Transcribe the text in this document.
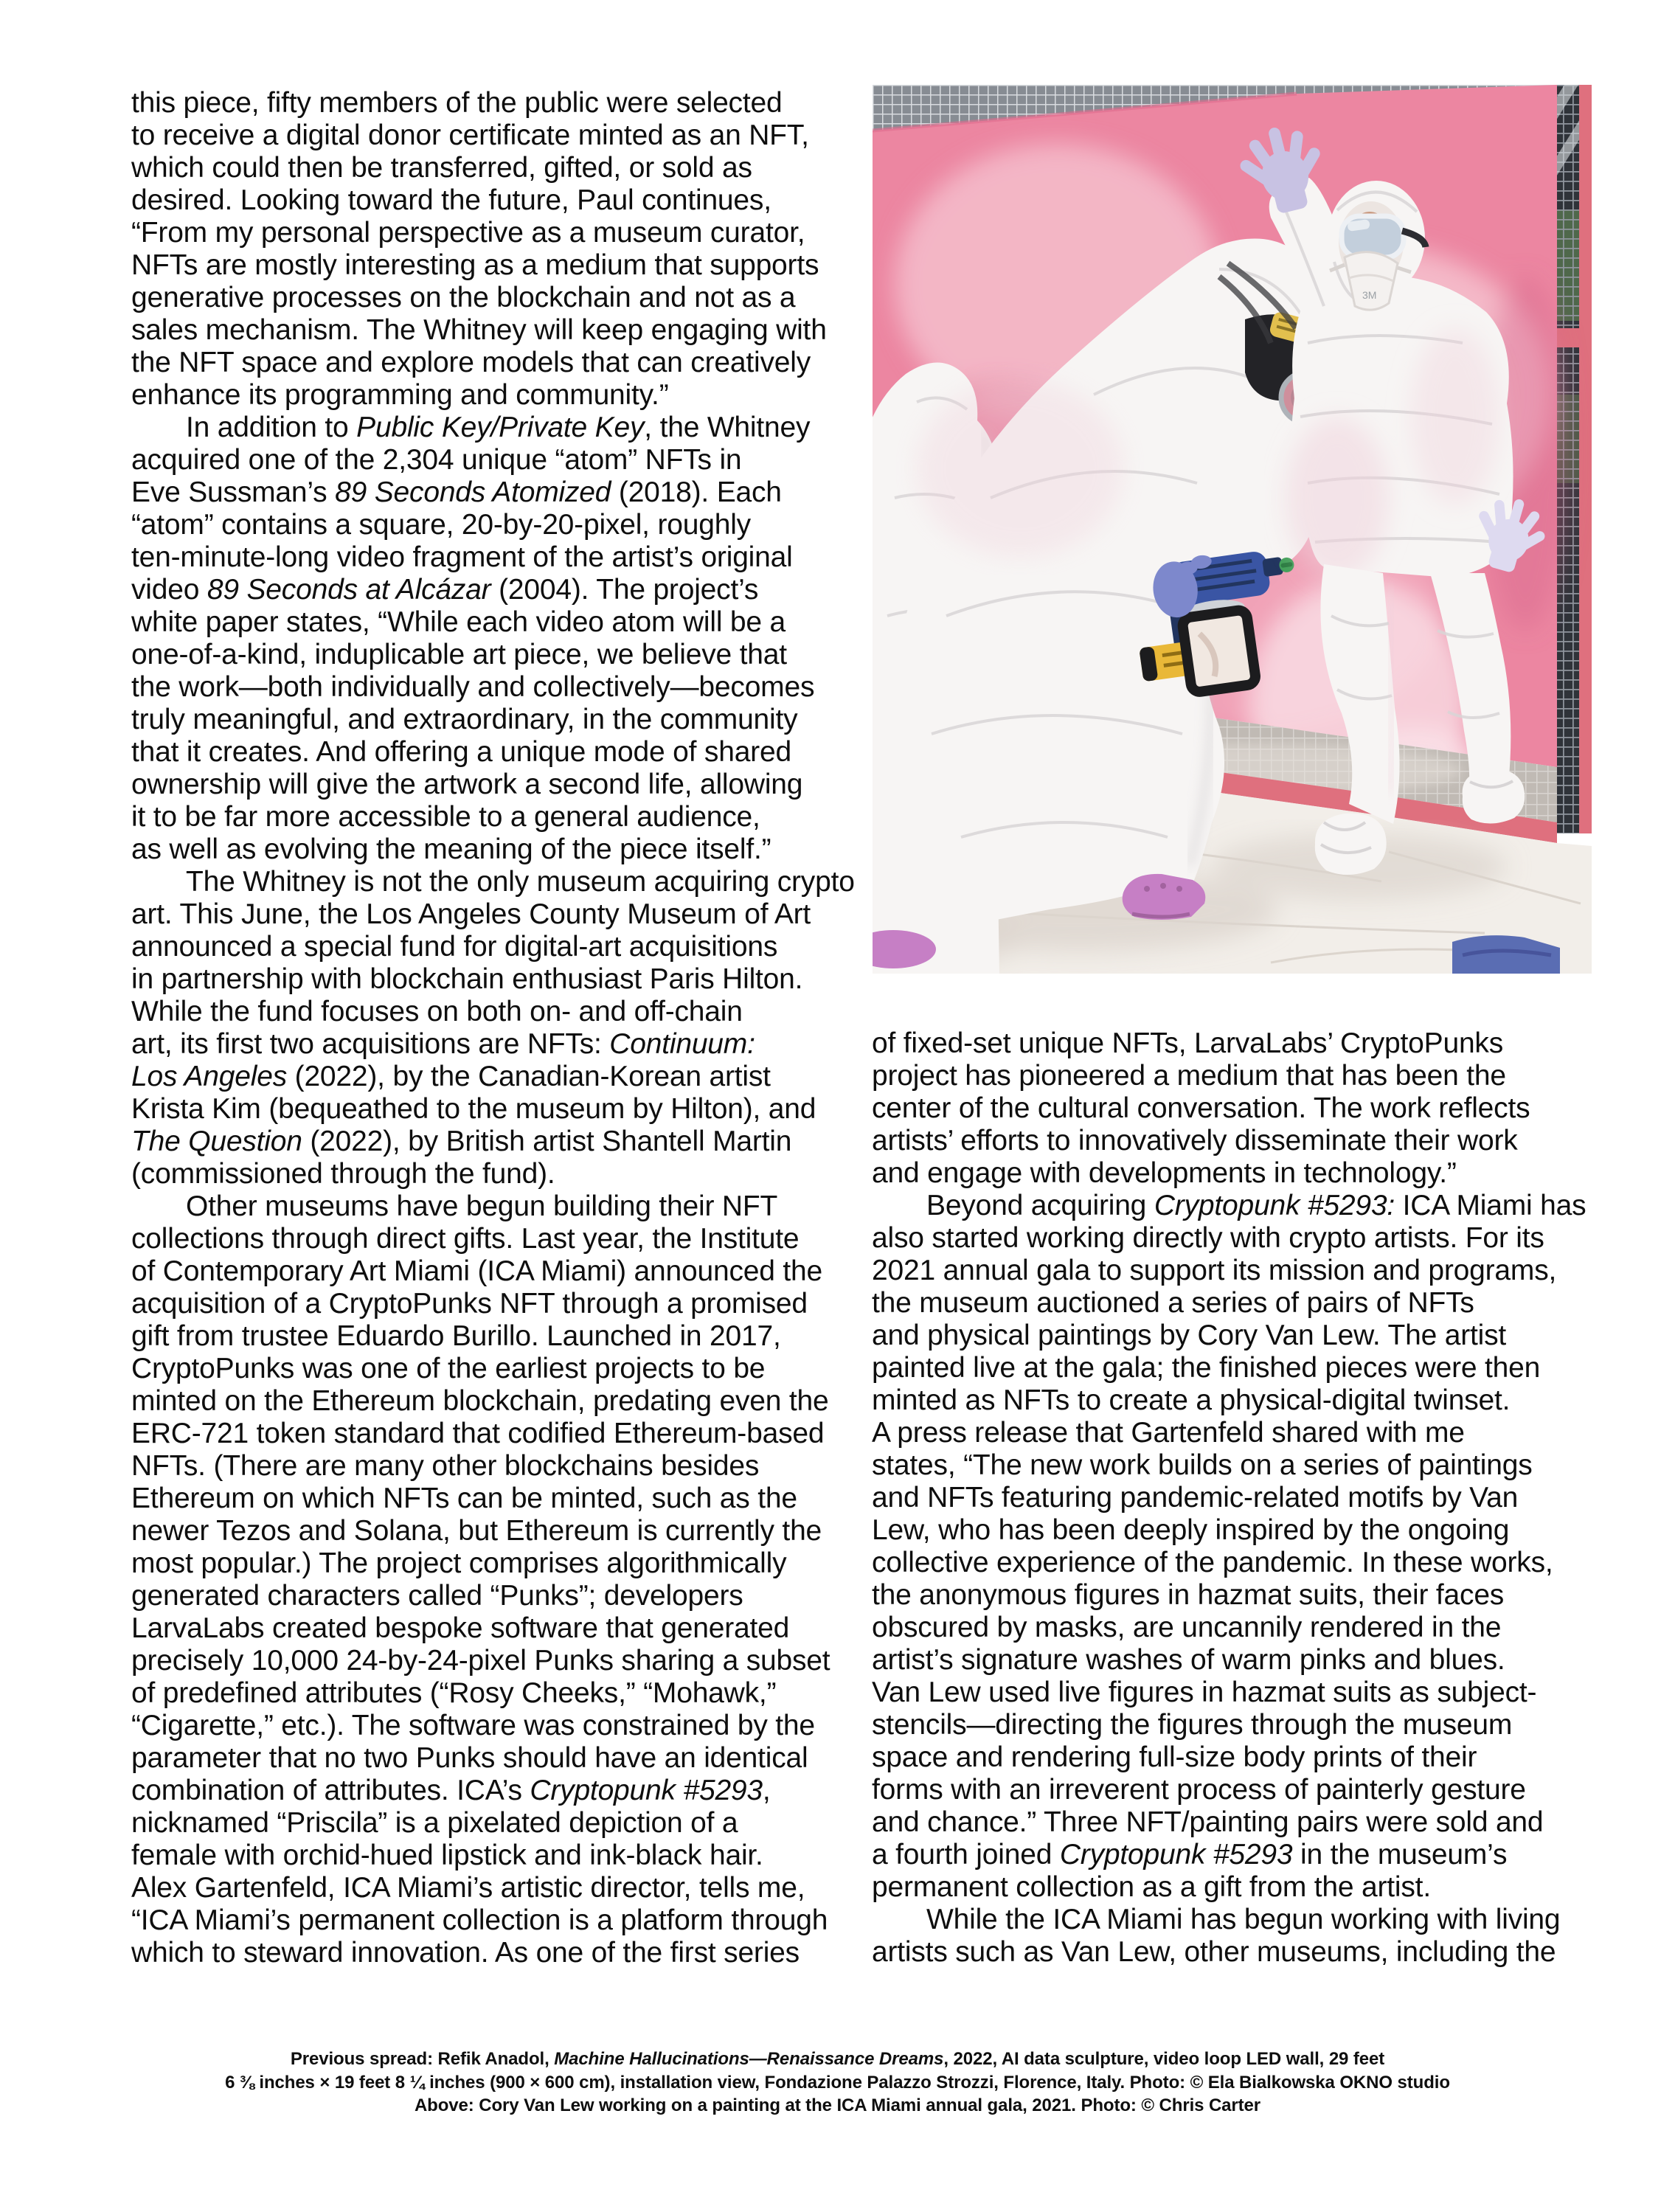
this piece, fifty members of the public were selected
to receive a digital donor certificate minted as an NFT,
which could then be transferred, gifted, or sold as
desired. Looking toward the future, Paul continues,
“From my personal perspective as a museum curator,
NFTs are mostly interesting as a medium that supports
generative processes on the blockchain and not as a
sales mechanism. The Whitney will keep engaging with
the NFT space and explore models that can creatively
enhance its programming and community.”
In addition to Public Key/Private Key, the Whitney
acquired one of the 2,304 unique “atom” NFTs in
Eve Sussman’s 89 Seconds Atomized (2018). Each
“atom” contains a square, 20-by-20-pixel, roughly
ten-minute-long video fragment of the artist’s original
video 89 Seconds at Alcázar (2004). The project’s
white paper states, “While each video atom will be a
one-of-a-kind, induplicable art piece, we believe that
the work—both individually and collectively—becomes
truly meaningful, and extraordinary, in the community
that it creates. And offering a unique mode of shared
ownership will give the artwork a second life, allowing
it to be far more accessible to a general audience,
as well as evolving the meaning of the piece itself.”
The Whitney is not the only museum acquiring crypto
art. This June, the Los Angeles County Museum of Art
announced a special fund for digital-art acquisitions
in partnership with blockchain enthusiast Paris Hilton.
While the fund focuses on both on- and off-chain
art, its first two acquisitions are NFTs: Continuum:
Los Angeles (2022), by the Canadian-Korean artist
Krista Kim (bequeathed to the museum by Hilton), and
The Question (2022), by British artist Shantell Martin
(commissioned through the fund).
Other museums have begun building their NFT
collections through direct gifts. Last year, the Institute
of Contemporary Art Miami (ICA Miami) announced the
acquisition of a CryptoPunks NFT through a promised
gift from trustee Eduardo Burillo. Launched in 2017,
CryptoPunks was one of the earliest projects to be
minted on the Ethereum blockchain, predating even the
ERC-721 token standard that codified Ethereum-based
NFTs. (There are many other blockchains besides
Ethereum on which NFTs can be minted, such as the
newer Tezos and Solana, but Ethereum is currently the
most popular.) The project comprises algorithmically
generated characters called “Punks”; developers
LarvaLabs created bespoke software that generated
precisely 10,000 24-by-24-pixel Punks sharing a subset
of predefined attributes (“Rosy Cheeks,” “Mohawk,”
“Cigarette,” etc.). The software was constrained by the
parameter that no two Punks should have an identical
combination of attributes. ICA’s Cryptopunk #5293,
nicknamed “Priscila” is a pixelated depiction of a
female with orchid-hued lipstick and ink-black hair.
Alex Gartenfeld, ICA Miami’s artistic director, tells me,
“ICA Miami’s permanent collection is a platform through
which to steward innovation. As one of the first series
of fixed-set unique NFTs, LarvaLabs’ CryptoPunks
project has pioneered a medium that has been the
center of the cultural conversation. The work reflects
artists’ efforts to innovatively disseminate their work
and engage with developments in technology.”
Beyond acquiring Cryptopunk #5293: ICA Miami has
also started working directly with crypto artists. For its
2021 annual gala to support its mission and programs,
the museum auctioned a series of pairs of NFTs
and physical paintings by Cory Van Lew. The artist
painted live at the gala; the finished pieces were then
minted as NFTs to create a physical-digital twinset.
A press release that Gartenfeld shared with me
states, “The new work builds on a series of paintings
and NFTs featuring pandemic-related motifs by Van
Lew, who has been deeply inspired by the ongoing
collective experience of the pandemic. In these works,
the anonymous figures in hazmat suits, their faces
obscured by masks, are uncannily rendered in the
artist’s signature washes of warm pinks and blues.
Van Lew used live figures in hazmat suits as subject-
stencils—directing the figures through the museum
space and rendering full-size body prints of their
forms with an irreverent process of painterly gesture
and chance.” Three NFT/painting pairs were sold and
a fourth joined Cryptopunk #5293 in the museum’s
permanent collection as a gift from the artist.
While the ICA Miami has begun working with living
artists such as Van Lew, other museums, including the
3M
Previous spread: Refik Anadol, Machine Hallucinations—Renaissance Dreams, 2022, AI data sculpture, video loop LED wall, 29 feet
6 ⅜ inches × 19 feet 8 ¼ inches (900 × 600 cm), installation view, Fondazione Palazzo Strozzi, Florence, Italy. Photo: © Ela Bialkowska OKNO studio
Above: Cory Van Lew working on a painting at the ICA Miami annual gala, 2021. Photo: © Chris Carter
